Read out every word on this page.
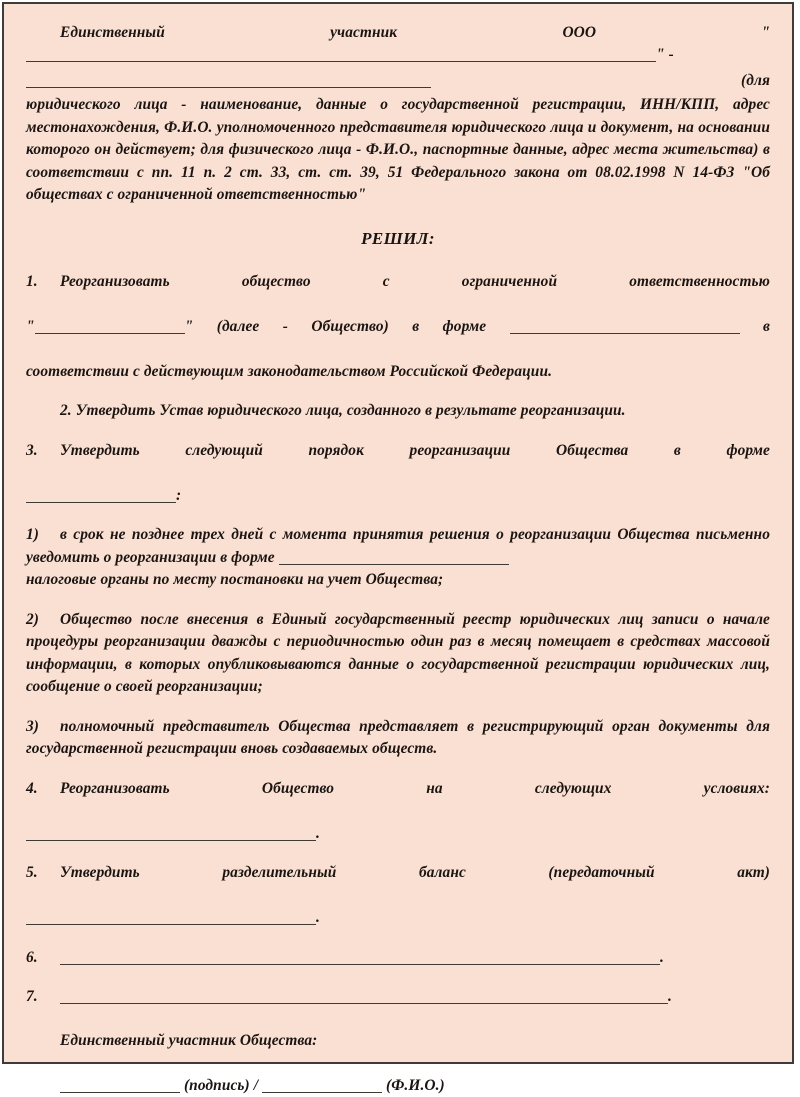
Единственный участник ООО "" -

(для

юридического лица - наименование, данные о государственной регистрации, ИНН/КПП, адрес местонахождения, Ф.И.О. уполномоченного представителя юридического лица и документ, на основании которого он действует; для физического лица - Ф.И.О., паспортные данные, адрес места жительства) в соответствии с пп. 11 п. 2 ст. 33, ст. ст. 39, 51 Федерального закона от 08.02.1998 N 14-ФЗ "Об обществах с ограниченной ответственностью"

РЕШИЛ:

1. Реорганизовать общество с ограниченной ответственностью

"	" (далее - Общество) в форме	в

соответствии с действующим законодательством Российской Федерации.

2. Утвердить Устав юридического лица, созданного в результате реорганизации.

3. Утвердить следующий порядок реорганизации Общества в форме

:

1) в срок не позднее трех дней с момента принятия решения о реорганизации Общества письменно уведомить о реорганизации в форме

налоговые органы по месту постановки на учет Общества;

2) Общество после внесения в Единый государственный реестр юридических лиц записи о начале процедуры реорганизации дважды с периодичностью один раз в месяц помещает в средствах массовой информации, в которых опубликовываются данные о государственной регистрации юридических лиц, сообщение о своей реорганизации;

3) полномочный представитель Общества представляет в регистрирующий орган документы для государственной регистрации вновь создаваемых обществ.

4. Реорганизовать Общество на следующих условиях:

.

5. Утвердить разделительный баланс (передаточный акт)

.

6.	.

7.	.

Единственный участник Общества:

(подпись) /	(Ф.И.О.)
